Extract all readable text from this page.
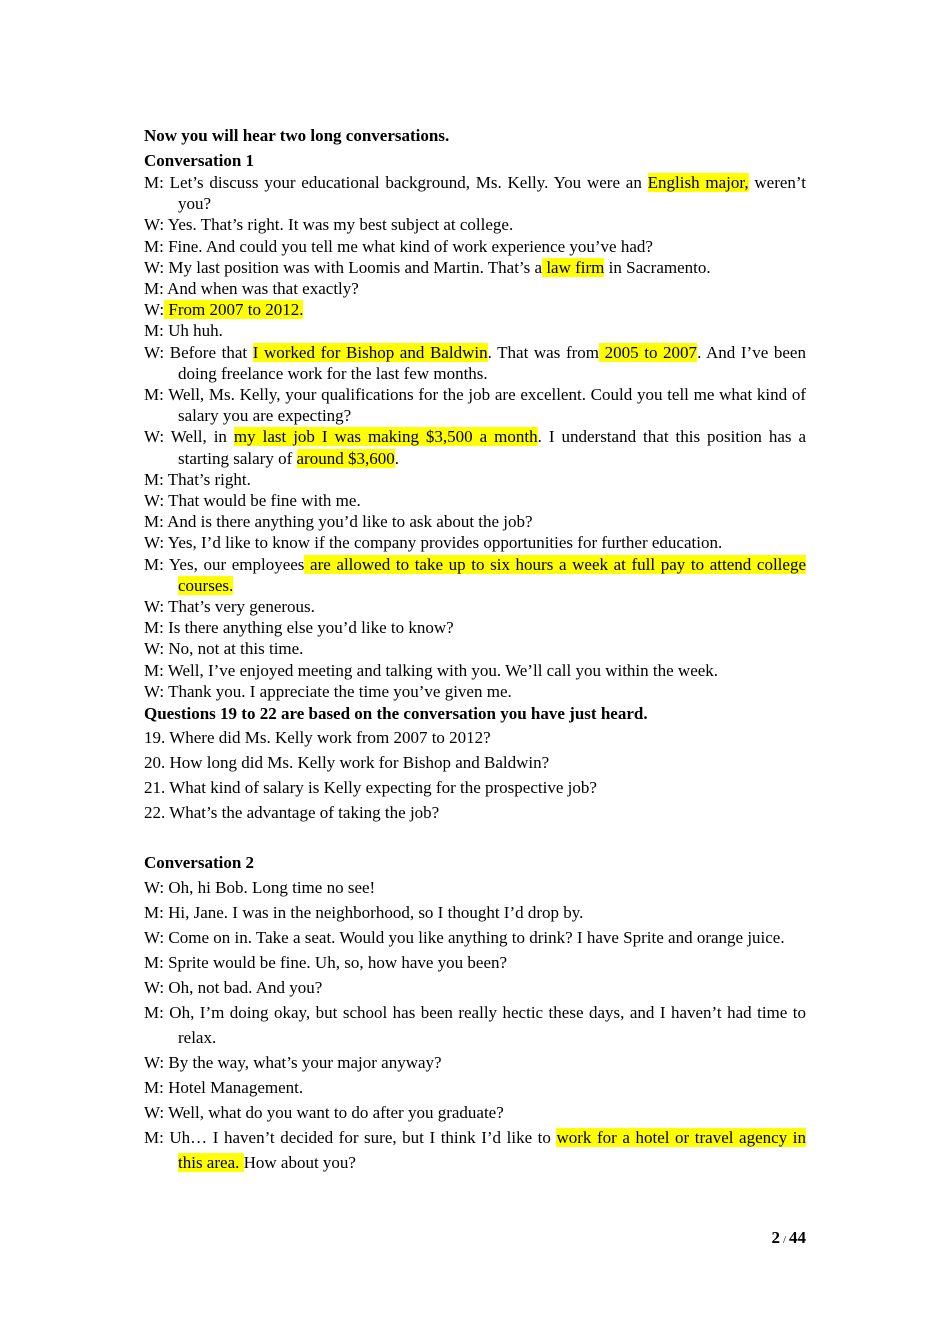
Now you will hear two long conversations.

Conversation 1

M: Let’s discuss your educational background, Ms. Kelly. You were an English major, weren’t you?

W: Yes. That’s right. It was my best subject at college.

M: Fine. And could you tell me what kind of work experience you’ve had?

W: My last position was with Loomis and Martin. That’s a law firm in Sacramento.

M: And when was that exactly?

W: From 2007 to 2012.

M: Uh huh.

W: Before that I worked for Bishop and Baldwin. That was from 2005 to 2007. And I’ve been doing freelance work for the last few months.

M: Well, Ms. Kelly, your qualifications for the job are excellent. Could you tell me what kind of salary you are expecting?

W: Well, in my last job I was making $3,500 a month. I understand that this position has a starting salary of around $3,600.

M: That’s right.

W: That would be fine with me.

M: And is there anything you’d like to ask about the job?

W: Yes, I’d like to know if the company provides opportunities for further education.

M: Yes, our employees are allowed to take up to six hours a week at full pay to attend college courses.

W: That’s very generous.

M: Is there anything else you’d like to know?

W: No, not at this time.

M: Well, I’ve enjoyed meeting and talking with you. We’ll call you within the week.

W: Thank you. I appreciate the time you’ve given me.

Questions 19 to 22 are based on the conversation you have just heard.

19. Where did Ms. Kelly work from 2007 to 2012?

20. How long did Ms. Kelly work for Bishop and Baldwin?

21. What kind of salary is Kelly expecting for the prospective job?

22. What’s the advantage of taking the job?

Conversation 2

W: Oh, hi Bob. Long time no see!

M: Hi, Jane. I was in the neighborhood, so I thought I’d drop by.

W: Come on in. Take a seat. Would you like anything to drink? I have Sprite and orange juice.

M: Sprite would be fine. Uh, so, how have you been?

W: Oh, not bad. And you?

M: Oh, I’m doing okay, but school has been really hectic these days, and I haven’t had time to relax.

W: By the way, what’s your major anyway?

M: Hotel Management.

W: Well, what do you want to do after you graduate?

M: Uh… I haven’t decided for sure, but I think I’d like to work for a hotel or travel agency in this area. How about you?

2 / 44
